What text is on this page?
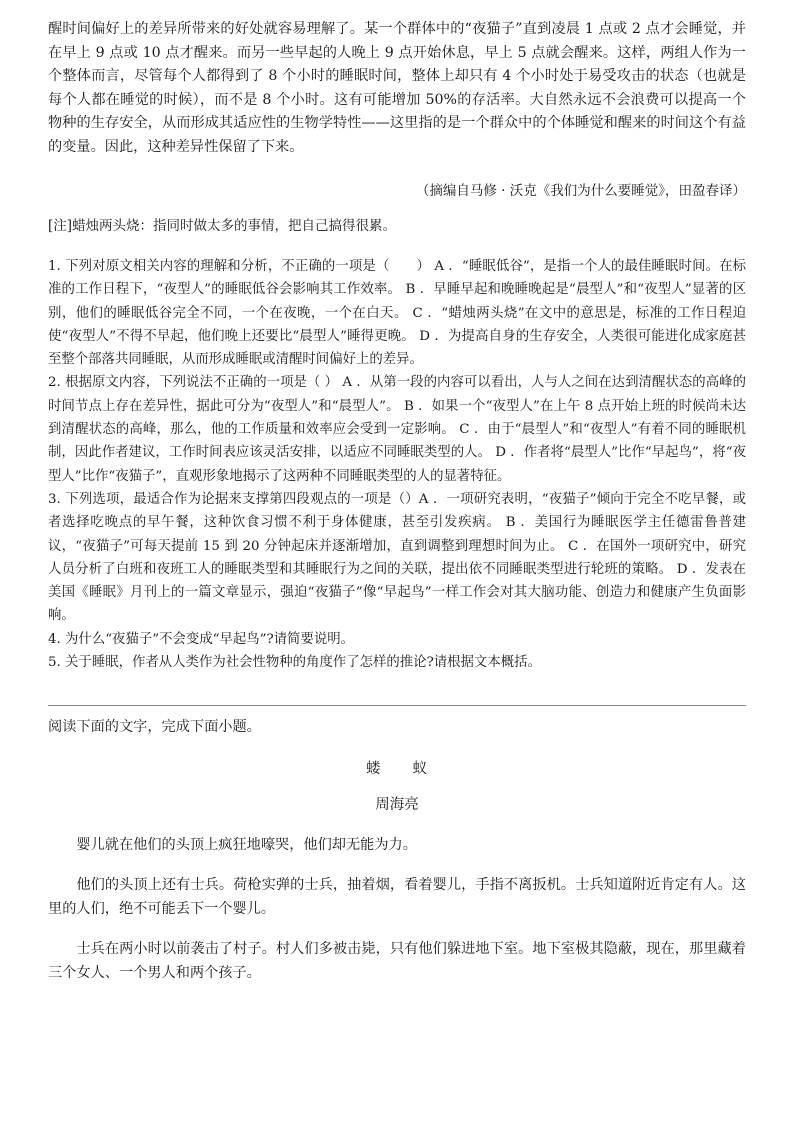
醒时间偏好上的差异所带来的好处就容易理解了。某一个群体中的“夜猫子”直到凌晨 1 点或 2 点才会睡觉，并在早上 9 点或 10 点才醒来。而另一些早起的人晚上 9 点开始休息，早上 5 点就会醒来。这样，两组人作为一个整体而言，尽管每个人都得到了 8 个小时的睡眠时间，整体上却只有 4 个小时处于易受攻击的状态（也就是每个人都在睡觉的时候），而不是 8 个小时。这有可能增加 50%的存活率。大自然永远不会浪费可以提高一个物种的生存安全，从而形成其适应性的生物学特性——这里指的是一个群众中的个体睡觉和醒来的时间这个有益的变量。因此，这种差异性保留了下来。

（摘编自马修 · 沃克《我们为什么要睡觉》，田盈春译）

[注]蜡烛两头烧：指同时做太多的事情，把自己搞得很累。

1. 下列对原文相关内容的理解和分析，不正确的一项是（　　） A ．“睡眠低谷”，是指一个人的最佳睡眠时间。在标准的工作日程下，“夜型人”的睡眠低谷会影响其工作效率。 B ．早睡早起和晚睡晚起是“晨型人”和“夜型人”显著的区别，他们的睡眠低谷完全不同，一个在夜晚，一个在白天。 C ．“蜡烛两头烧”在文中的意思是，标准的工作日程迫使“夜型人”不得不早起，他们晚上还要比“晨型人”睡得更晚。 D ．为提高自身的生存安全，人类很可能进化成家庭甚至整个部落共同睡眠，从而形成睡眠或清醒时间偏好上的差异。

2. 根据原文内容，下列说法不正确的一项是（ ） A ．从第一段的内容可以看出，人与人之间在达到清醒状态的高峰的时间节点上存在差异性，据此可分为“夜型人”和“晨型人”。 B ．如果一个“夜型人”在上午 8 点开始上班的时候尚未达到清醒状态的高峰，那么，他的工作质量和效率应会受到一定影响。 C ．由于“晨型人”和“夜型人”有着不同的睡眠机制，因此作者建议，工作时间表应该灵活安排，以适应不同睡眠类型的人。 D ．作者将“晨型人”比作“早起鸟”，将“夜型人”比作“夜猫子”，直观形象地揭示了这两种不同睡眠类型的人的显著特征。

3. 下列选项，最适合作为论据来支撑第四段观点的一项是（）A ．一项研究表明，“夜猫子”倾向于完全不吃早餐，或者选择吃晚点的早午餐，这种饮食习惯不利于身体健康，甚至引发疾病。 B ．美国行为睡眠医学主任德雷鲁普建议，“夜猫子”可每天提前 15 到 20 分钟起床并逐渐增加，直到调整到理想时间为止。 C ．在国外一项研究中，研究人员分析了白班和夜班工人的睡眠类型和其睡眠行为之间的关联，提出依不同睡眠类型进行轮班的策略。 D ．发表在美国《睡眠》月刊上的一篇文章显示，强迫“夜猫子”像“早起鸟”一样工作会对其大脑功能、创造力和健康产生负面影响。

4. 为什么“夜猫子”不会变成“早起鸟”?请简要说明。

5. 关于睡眠，作者从人类作为社会性物种的角度作了怎样的推论?请根据文本概括。

阅读下面的文字，完成下面小题。

蝼　　蚁

周海亮

婴儿就在他们的头顶上疯狂地嚎哭，他们却无能为力。

他们的头顶上还有士兵。荷枪实弹的士兵，抽着烟，看着婴儿，手指不离扳机。士兵知道附近肯定有人。这里的人们，绝不可能丢下一个婴儿。

士兵在两小时以前袭击了村子。村人们多被击毙，只有他们躲进地下室。地下室极其隐蔽，现在，那里藏着三个女人、一个男人和两个孩子。
